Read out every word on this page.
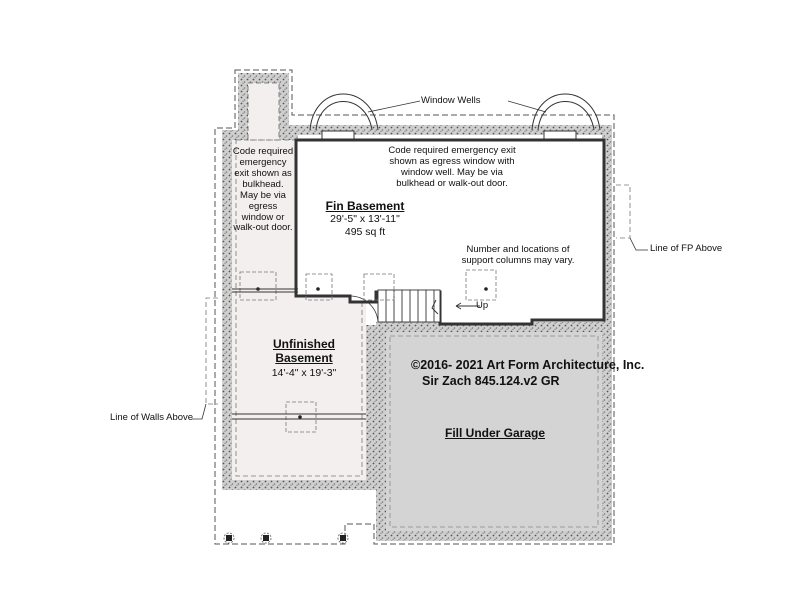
Window Wells
Code required
emergency
exit shown as
bulkhead.
May be via
egress
window or
walk-out door.
Code required emergency exit
shown as egress window with
window well. May be via
bulkhead or walk-out door.
Fin Basement
29'-5" x 13'-11"
495 sq ft
Number and locations of
support columns may vary.
Line of FP Above
Up
Unfinished
Basement
14'-4" x 19'-3"
©2016- 2021 Art Form Architecture, Inc.
Sir Zach 845.124.v2 GR
Fill Under Garage
Line of Walls Above
